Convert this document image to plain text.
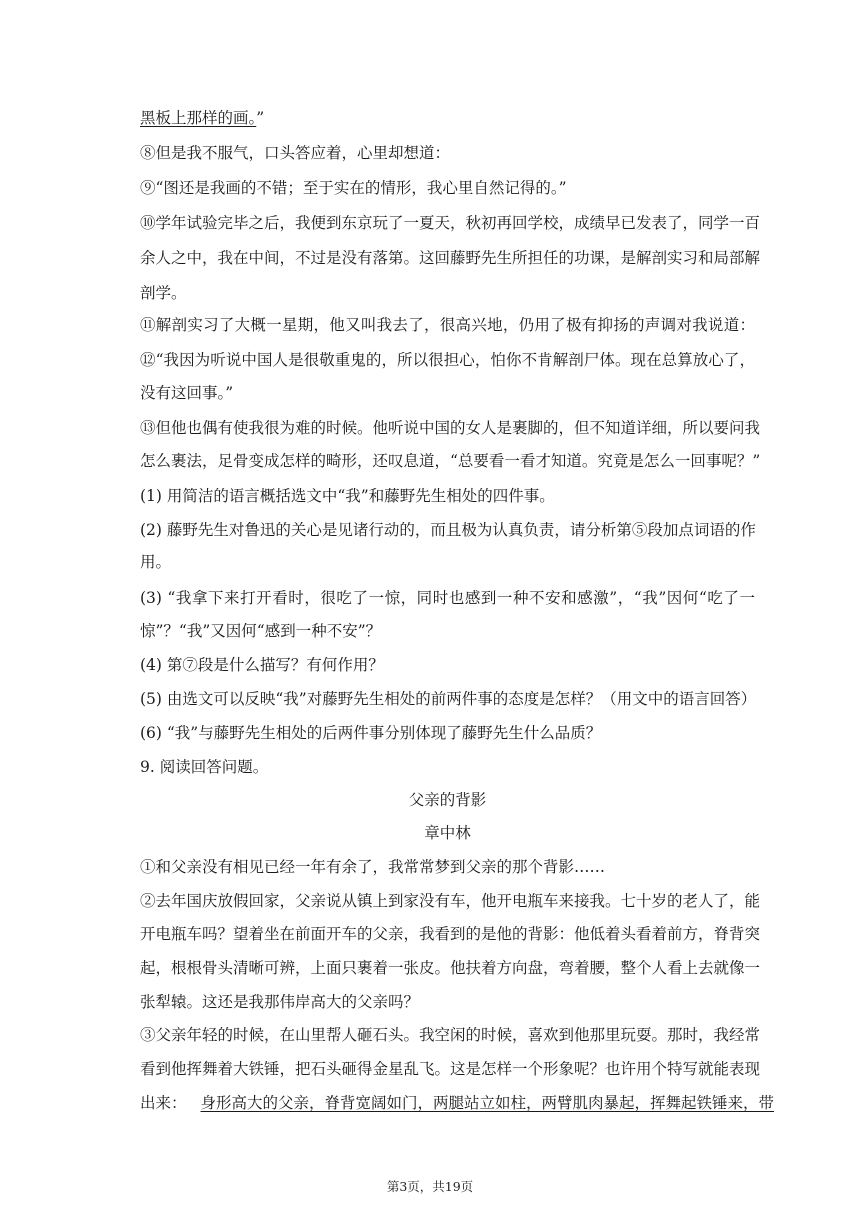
黑板上那样的画。”
⑧但是我不服气，口头答应着，心里却想道：
⑨“图还是我画的不错；至于实在的情形，我心里自然记得的。”
⑩学年试验完毕之后，我便到东京玩了一夏天，秋初再回学校，成绩早已发表了，同学一百
余人之中，我在中间，不过是没有落第。这回藤野先生所担任的功课，是解剖实习和局部解
剖学。
⑪解剖实习了大概一星期，他又叫我去了，很高兴地，仍用了极有抑扬的声调对我说道：
⑫“我因为听说中国人是很敬重鬼的，所以很担心，怕你不肯解剖尸体。现在总算放心了，
没有这回事。”
⑬但他也偶有使我很为难的时候。他听说中国的女人是裹脚的，但不知道详细，所以要问我
怎么裹法，足骨变成怎样的畸形，还叹息道，“总要看一看才知道。究竟是怎么一回事呢？”
(1) 用简洁的语言概括选文中“我”和藤野先生相处的四件事。
(2) 藤野先生对鲁迅的关心是见诸行动的，而且极为认真负责，请分析第⑤段加点词语的作
用。
(3) “我拿下来打开看时，很吃了一惊，同时也感到一种不安和感激”，“我”因何“吃了一
惊”？“我”又因何“感到一种不安”？
(4) 第⑦段是什么描写？有何作用？
(5) 由选文可以反映“我”对藤野先生相处的前两件事的态度是怎样？（用文中的语言回答）
(6) “我”与藤野先生相处的后两件事分别体现了藤野先生什么品质？
9. 阅读回答问题。
父亲的背影
章中林
①和父亲没有相见已经一年有余了，我常常梦到父亲的那个背影……
②去年国庆放假回家，父亲说从镇上到家没有车，他开电瓶车来接我。七十岁的老人了，能
开电瓶车吗？望着坐在前面开车的父亲，我看到的是他的背影：他低着头看着前方，脊背突
起，根根骨头清晰可辨，上面只裹着一张皮。他扶着方向盘，弯着腰，整个人看上去就像一
张犁辕。这还是我那伟岸高大的父亲吗？
③父亲年轻的时候，在山里帮人砸石头。我空闲的时候，喜欢到他那里玩耍。那时，我经常
看到他挥舞着大铁锤，把石头砸得金星乱飞。这是怎样一个形象呢？也许用个特写就能表现
出来： 身形高大的父亲，脊背宽阔如门，两腿站立如柱，两臂肌肉暴起，挥舞起铁锤来，带
第3页，共19页
